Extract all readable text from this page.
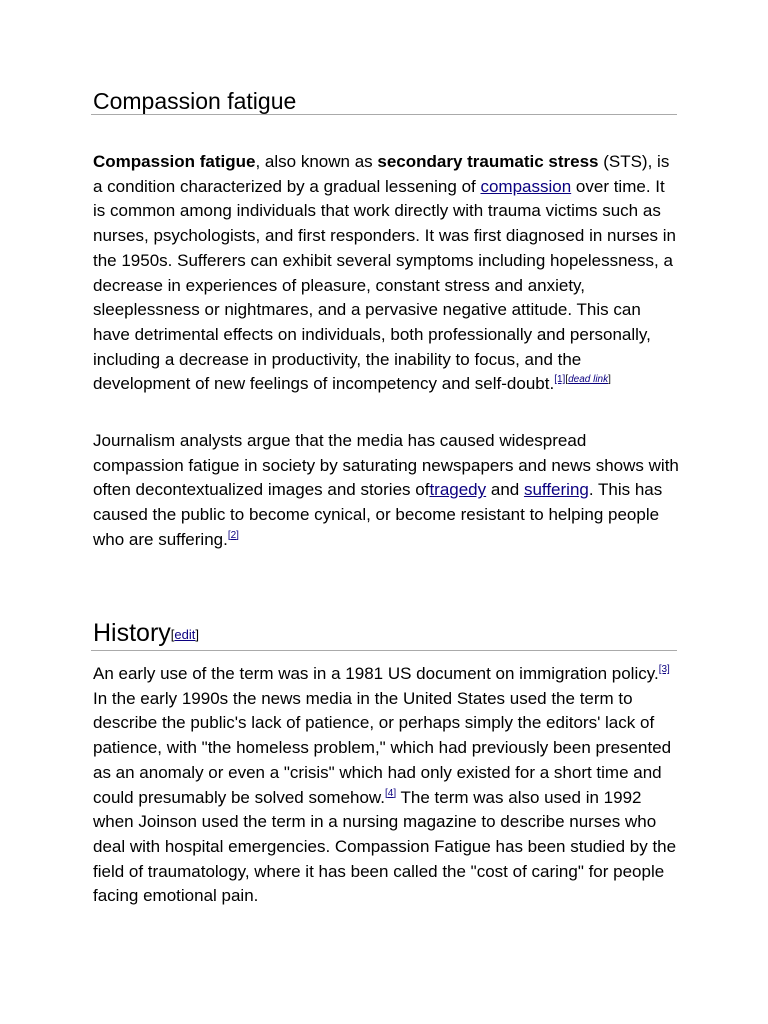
Compassion fatigue

Compassion fatigue, also known as secondary traumatic stress (STS), is a condition characterized by a gradual lessening of compassion over time. It is common among individuals that work directly with trauma victims such as nurses, psychologists, and first responders. It was first diagnosed in nurses in the 1950s. Sufferers can exhibit several symptoms including hopelessness, a decrease in experiences of pleasure, constant stress and anxiety, sleeplessness or nightmares, and a pervasive negative attitude. This can have detrimental effects on individuals, both professionally and personally, including a decrease in productivity, the inability to focus, and the development of new feelings of incompetency and self-doubt.[1][dead link]

Journalism analysts argue that the media has caused widespread compassion fatigue in society by saturating newspapers and news shows with often decontextualized images and stories oftragedy and suffering. This has caused the public to become cynical, or become resistant to helping people who are suffering.[2]

History[edit]

An early use of the term was in a 1981 US document on immigration policy.[3] In the early 1990s the news media in the United States used the term to describe the public's lack of patience, or perhaps simply the editors' lack of patience, with "the homeless problem," which had previously been presented as an anomaly or even a "crisis" which had only existed for a short time and could presumably be solved somehow.[4] The term was also used in 1992 when Joinson used the term in a nursing magazine to describe nurses who deal with hospital emergencies. Compassion Fatigue has been studied by the field of traumatology, where it has been called the "cost of caring" for people facing emotional pain.
